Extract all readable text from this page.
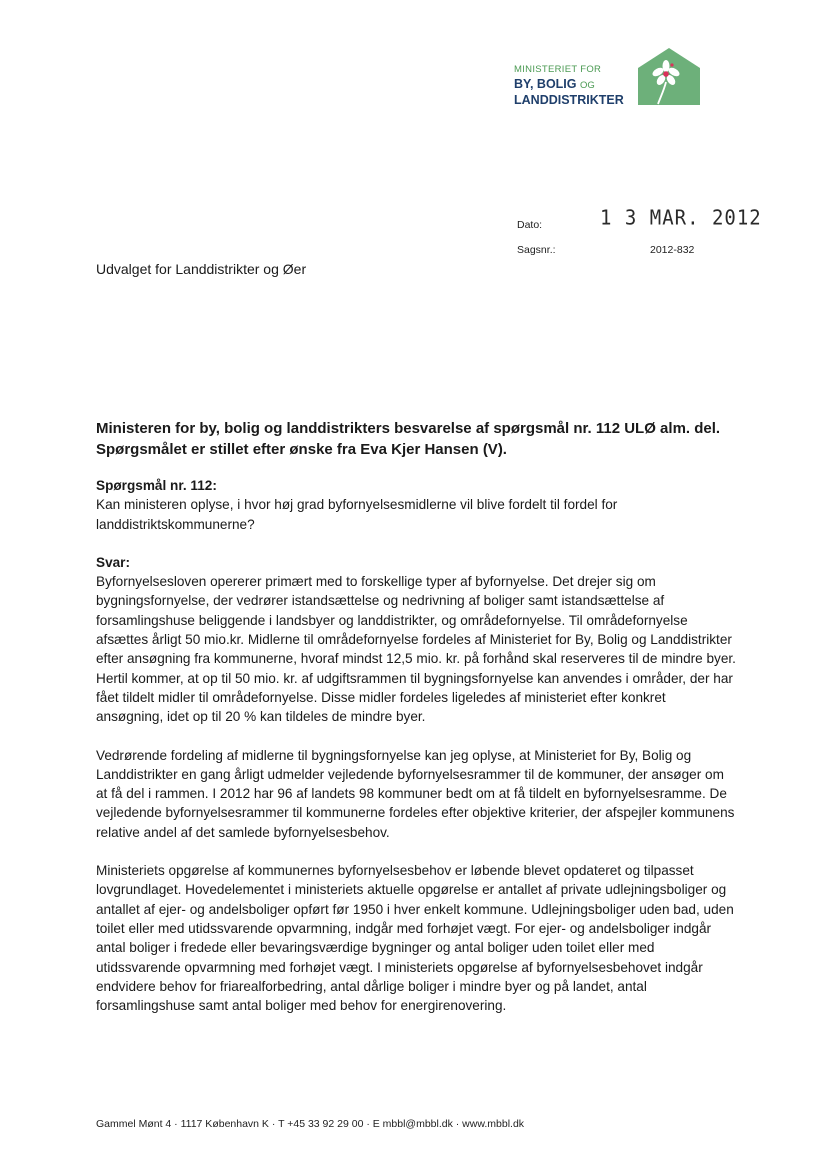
MINISTERIET FOR
BY, BOLIG OG
LANDDISTRIKTER
Dato:	1 3 MAR. 2012
Sagsnr.:	2012-832
Udvalget for Landdistrikter og Øer
Ministeren for by, bolig og landdistrikters besvarelse af spørgsmål nr. 112 ULØ alm. del. Spørgsmålet er stillet efter ønske fra Eva Kjer Hansen (V).

Spørgsmål nr. 112:

Kan ministeren oplyse, i hvor høj grad byfornyelsesmidlerne vil blive fordelt til fordel for landdistriktskommunerne?

Svar:

Byfornyelsesloven opererer primært med to forskellige typer af byfornyelse. Det drejer sig om bygningsfornyelse, der vedrører istandsættelse og nedrivning af boliger samt istandsættelse af forsamlingshuse beliggende i landsbyer og landdistrikter, og områdefornyelse. Til områdefornyelse afsættes årligt 50 mio.kr. Midlerne til områdefornyelse fordeles af Ministeriet for By, Bolig og Landdistrikter efter ansøgning fra kommunerne, hvoraf mindst 12,5 mio. kr. på forhånd skal reserveres til de mindre byer. Hertil kommer, at op til 50 mio. kr. af udgiftsrammen til bygningsfornyelse kan anvendes i områder, der har fået tildelt midler til områdefornyelse. Disse midler fordeles ligeledes af ministeriet efter konkret ansøgning, idet op til 20 % kan tildeles de mindre byer.

Vedrørende fordeling af midlerne til bygningsfornyelse kan jeg oplyse, at Ministeriet for By, Bolig og Landdistrikter en gang årligt udmelder vejledende byfornyelsesrammer til de kommuner, der ansøger om at få del i rammen. I 2012 har 96 af landets 98 kommuner bedt om at få tildelt en byfornyelsesramme. De vejledende byfornyelsesrammer til kommunerne fordeles efter objektive kriterier, der afspejler kommunens relative andel af det samlede byfornyelsesbehov.

Ministeriets opgørelse af kommunernes byfornyelsesbehov er løbende blevet opdateret og tilpasset lovgrundlaget. Hovedelementet i ministeriets aktuelle opgørelse er antallet af private udlejningsboliger og antallet af ejer- og andelsboliger opført før 1950 i hver enkelt kommune. Udlejningsboliger uden bad, uden toilet eller med utidssvarende opvarmning, indgår med forhøjet vægt. For ejer- og andelsboliger indgår antal boliger i fredede eller bevaringsværdige bygninger og antal boliger uden toilet eller med utidssvarende opvarmning med forhøjet vægt. I ministeriets opgørelse af byfornyelsesbehovet indgår endvidere behov for friarealforbedring, antal dårlige boliger i mindre byer og på landet, antal forsamlingshuse samt antal boliger med behov for energirenovering.

Gammel Mønt 4 · 1117 København K · T +45 33 92 29 00 · E mbbl@mbbl.dk · www.mbbl.dk
